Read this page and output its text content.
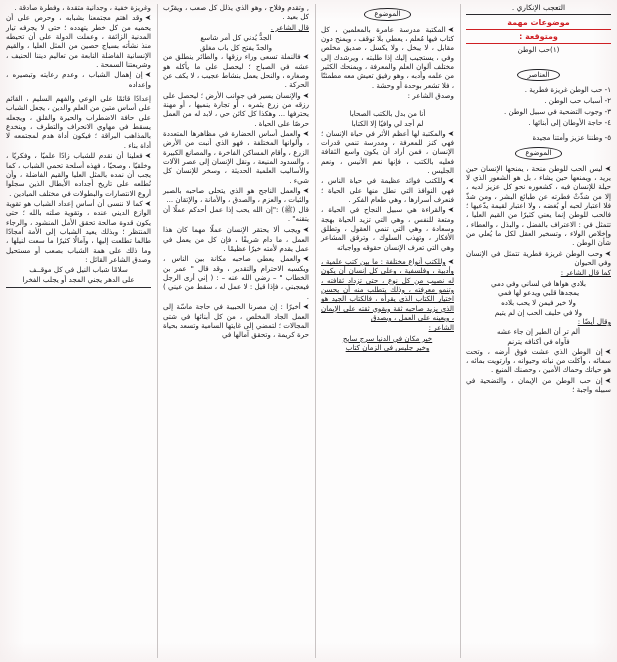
التعجب الإنكاري .
موضوعات مهمة
ومتوقعة :

(١)حب الوطن

العناصر

١- حب الوطن غريزة فطرية .

٢- أسباب حب الوطن .

٣- وجوب التضحية في سبيل الوطن .

٤- حاجة الأوطان إلى أبنائها .

٥- وطننا عزيز وأمتنا مجيدة

الموضوع

➤ليس الحب للوطن منحة ، يمنحها الإنسان حين يريد ، ويمنعها حين يشاء ، بل هو الشعور الذي لا حيلة للإنسان فيه ، كشعوره نحو كل عزيز لديه ، إلا من شذّتْ فطرته عن طبائع البشر ، ومن شذّ فلا اعتبار لحبه أو بُغضه ، ولا اعتبار لقيمة يدّعيها ؛ فالحب للوطن إنما يعني كثيرًا من القيم العليا ، تتمثل في : الاعتراف بالفضل ، والبذل ، والعطاء ، وإخلاص الولاء ، وتسخير العقل لكل ما يُعلي من شأن الوطن .

➤وحب الوطن غريزة فطرية تتمثل في الإنسان وفي الحيوان

كما قال الشاعر :

بلادي هواها في لساني وفي دمي
يمجدها قلبي ويدعو لها فمي
ولا خير فيمن لا يحب بلاده
ولا في حليف الحب إن لم يتيم

وقال أيضًا :

ألم تر أن الطير إن جاء عشه
فآواه في أكنافه يترنم

➤إن الوطن الذي عشت فوق أرضه ، وتحت سمائه ، وأكلت من نباته وحيوانه ، وارتويت بمائه ، هو حياتك وحماك الأمين ، وحصنك المنيع .

➤إن حب الوطن من الإيمان ، والتضحية في سبيله واجبة ؛

الموضوع

➤المكتبة مدرسة عامرة بالمعلمين ، كل كتاب فيها مُعلم ، يعطي بلا توقف ، ويمنح دون مقابل ، لا يبخل ، ولا يكسل ، صديق مخلص وفي ، يستجيب إليك إذا طلبته ، ويرشدك إلى مختلف ألوان العلم والمعرفة ، ويمنحك الكثير من علمه وأدبه ، وهو رفيق تعيش معه مطمئنًا ، فلا تشعر بوحدة أو وحشة .

وصدق الشاعر :

أنا من بدل بالكتب الصحابا
لم أجد لي وافيًا إلا الكتابا

➤والمكتبة لها أعظم الأثر في حياة الإنسان ؛ فهي كنز للمعرفة ، ومدرسة تنمي قدرات الإنسان ، فمن أراد أن يكون واسع الثقافة فعليه بالكتب ، فإنها نعم الأنيس ، ونعم الجليس .

➤وللكتب فوائد عظيمة في حياة الناس ، فهي النوافذ التي نطل منها على الحياة ؛ فنعرف أسرارها ، وهي طعام الفكر .

➤والقراءة هي سبيل النجاح في الحياة ، ومتعة للنفس ، وهي التي تزيد الحياة بهجة وسعادة ، وهي التي تنمي العقول ، وتطلق الأفكار ، وتهذب السلوك ، وترقق المشاعر وهي التي تعرف الإنسان حقوقه وواجباته

➤وللكتب أنواع مختلفة : ما بين كتب علمية ، وأدبية ، وفلسفية ، وعلى كل إنسان أن يكون له نصيب من كل نوع ، حتى تزداد ثقافته ، وتنمو معرفته ، وذلك يتطلب منه أن يحسن اختيار الكتاب الذي يقرأه ، فالكتاب الجيد هو الذي يزيد صاحبه ثقة ويقوي ثقته على الإيمان ، ويعينه على العمل ، ويصدق

الشاعر :

خير مكان في الدنيا سرج سابح
وخير جليس في الزمان كتاب

, وتقدم وفلاح ، وهو الذي يذلل كل صعب ، ويقرّب كل بعيد .

قال الشاعر .

الجدُّ يُدني كل أمر شاسع
والجدّ يفتح كل باب مغلق

➤فالنملة تسعى وراء رزقها ، والطائر ينطلق من عشه في الصباح ؛ ليحصل على ما يأكله هو وصغاره ، والنحل يعمل بنشاط عجيب ، لا يكف عن الحركة .

➤والإنسان يسير في جوانب الأرض ؛ ليحصل على رزقه من زرع يثمره ، أو تجارة ينميها ، أو مهنة يحترفها ... وهكذا كل كائن حي ، لابد له من العمل حرصًا على الحياة .

➤والعمل أساس الحضارة في مظاهرها المتعددة ، وألوانها المختلفة ، فهو الذي أنبت من الأرض الزرع ، وأقام المساكن الفاخرة ، والمصانع الكبيرة ، والسدود المنيعة ، ونقل الإنسان إلى عصر الآلات والأساليب العلمية الحديثة ، وسخر للإنسان كل شيء .

➤والعمل الناجح هو الذي يتحلى صاحبه بالصبر والثبات ، والعزم ، والصدق ، والأمانة ، والإتقان ...

قال (ﷺ) :"إن الله يحب إذا عمل أحدكم عملًا أن يتقنه" .

➤ويجب ألا يحتقر الإنسان عملًا مهما كان هذا العمل ، ما دام شريفًا ، فإن كل من يعمل في عمل يقدم لأمته خيرًا عظيمًا .

➤والعمل يعطي صاحبه مكانة بين الناس ، ويكسبه الاحترام والتقدير ، وقد قال " عمر بن الخطاب " – رضي الله عنه – : ( إني أرى الرجل فيعجبني ، فإذا قيل : لا عمل له ، سقط من عيني ) .

➤أخيرًا : إن مصرنا الحبيبة في حاجة ماسّة إلى العمل الجاد المخلص ، من كل أبنائها في شتى المجالات ؛ لتمضي إلى غايتها السامية وتسعد بحياة حرة كريمة ، وتحقق آمالها في

وغريزة خفية ، وجدانية متقدة ، وفطرة صادقة .

➤وقد اهتم مجتمعنا بشبابه ، وحرص على أن يحميه من كل خطر يتهدده ؛ حتى لا يجرفه تيار المدنية الزائفة ، وعملت الدولة على أن تحيطه منذ نشأته بسياج حصين من المثل العليا ، والقيم الإنسانية الفاضلة النابعة من تعاليم ديننا الحنيف ، وشريعتنا السمحة .

➤إن إهمال الشباب ، وعدم رعايته وتبصيره ، وإعداده

إعدادًا قائمًا على الوعي والفهم السليم ، القائم على أساس متين من العلم والدين ، يجعل الشباب على حافة الاضطراب والحيرة والقلق ، ويجعله يسقط في مهاوي الانحراف والتطرف ، وينخدع بالمذاهب البراقة ؛ فيكون أداة هدم لمجتمعه لا أداة بناء .

➤فعلينا أن نقدم للشباب زادًا علميًا ، وفكريًا ، وخلقيًا ، وصحيًا ، فهذه أسلحة تحمي الشباب ، كما يجب أن نمده بالمثل العليا والقيم الفاضلة ، وأن نُطلعه على تاريخ أجداده الأبطال الذين سجلوا أروع الانتصارات والبطولات في مختلف الميادين .

➤كما لا ننسى أن أساس إعداد الشباب هو تقوية الوازع الديني عنده ، وتقوية صلته بالله ؛ حتى يكون قدوة صالحة تحقق الأمل المنشود ، والرجاء المنتظر ؛ وبذلك يعيد الشباب إلى الأمة أمجادًا طالما تطلعت إليها ، وآمالًا كثيرًا ما سعت لنيلها ، وما ذلك على همة الشباب بصعب أو مستحيل وصدق الشاعر القائل :

سلامًا شباب النيل في كل موقــف
على الدهر يجني المجد أو يجلب الفخرا
